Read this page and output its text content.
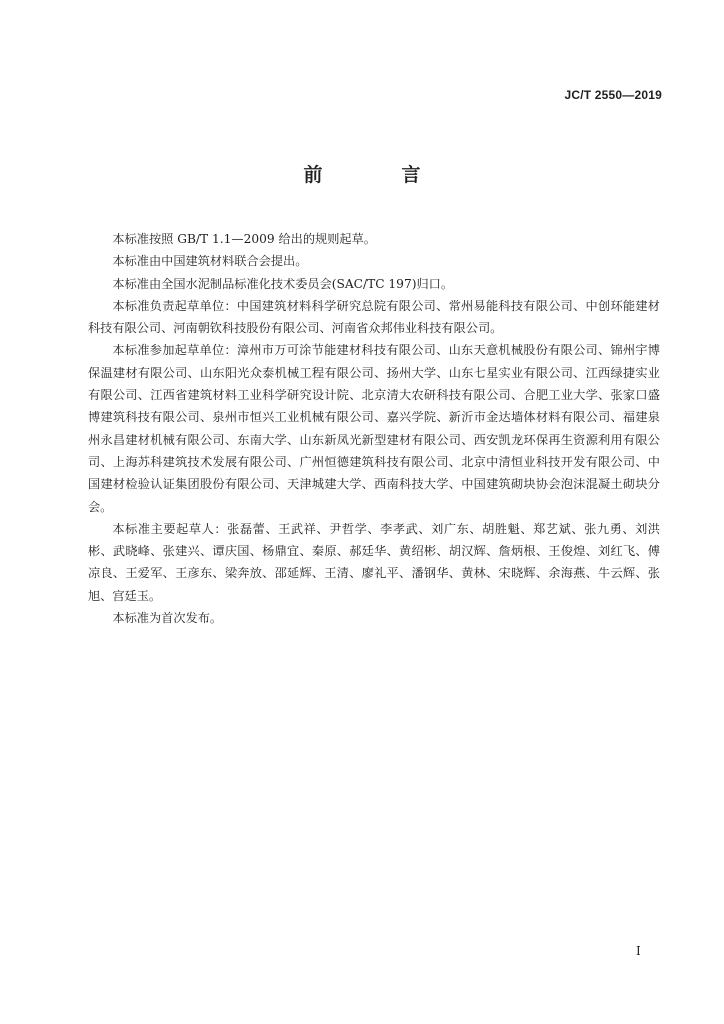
JC/T 2550—2019
前　言

本标准按照 GB/T 1.1—2009 给出的规则起草。

本标准由中国建筑材料联合会提出。

本标准由全国水泥制品标准化技术委员会(SAC/TC 197)归口。

本标准负责起草单位：中国建筑材料科学研究总院有限公司、常州易能科技有限公司、中创环能建材科技有限公司、河南朝钦科技股份有限公司、河南省众邦伟业科技有限公司。

本标准参加起草单位：漳州市万可涂节能建材科技有限公司、山东天意机械股份有限公司、锦州宇博保温建材有限公司、山东阳光众泰机械工程有限公司、扬州大学、山东七星实业有限公司、江西绿捷实业有限公司、江西省建筑材料工业科学研究设计院、北京清大农研科技有限公司、合肥工业大学、张家口盛博建筑科技有限公司、泉州市恒兴工业机械有限公司、嘉兴学院、新沂市金达墙体材料有限公司、福建泉州永昌建材机械有限公司、东南大学、山东新凤光新型建材有限公司、西安凯龙环保再生资源利用有限公司、上海苏科建筑技术发展有限公司、广州恒德建筑科技有限公司、北京中清恒业科技开发有限公司、中国建材检验认证集团股份有限公司、天津城建大学、西南科技大学、中国建筑砌块协会泡沫混凝土砌块分会。

本标准主要起草人：张磊蕾、王武祥、尹哲学、李孝武、刘广东、胡胜魁、郑艺斌、张九勇、刘洪彬、武晓峰、张建兴、谭庆国、杨鼎宜、秦原、郝廷华、黄绍彬、胡汉辉、詹炳根、王俊煌、刘红飞、傅凉良、王爱军、王彦东、梁奔放、邵延辉、王清、廖礼平、潘钢华、黄林、宋晓辉、余海燕、牛云辉、张旭、宫廷玉。

本标准为首次发布。

I
